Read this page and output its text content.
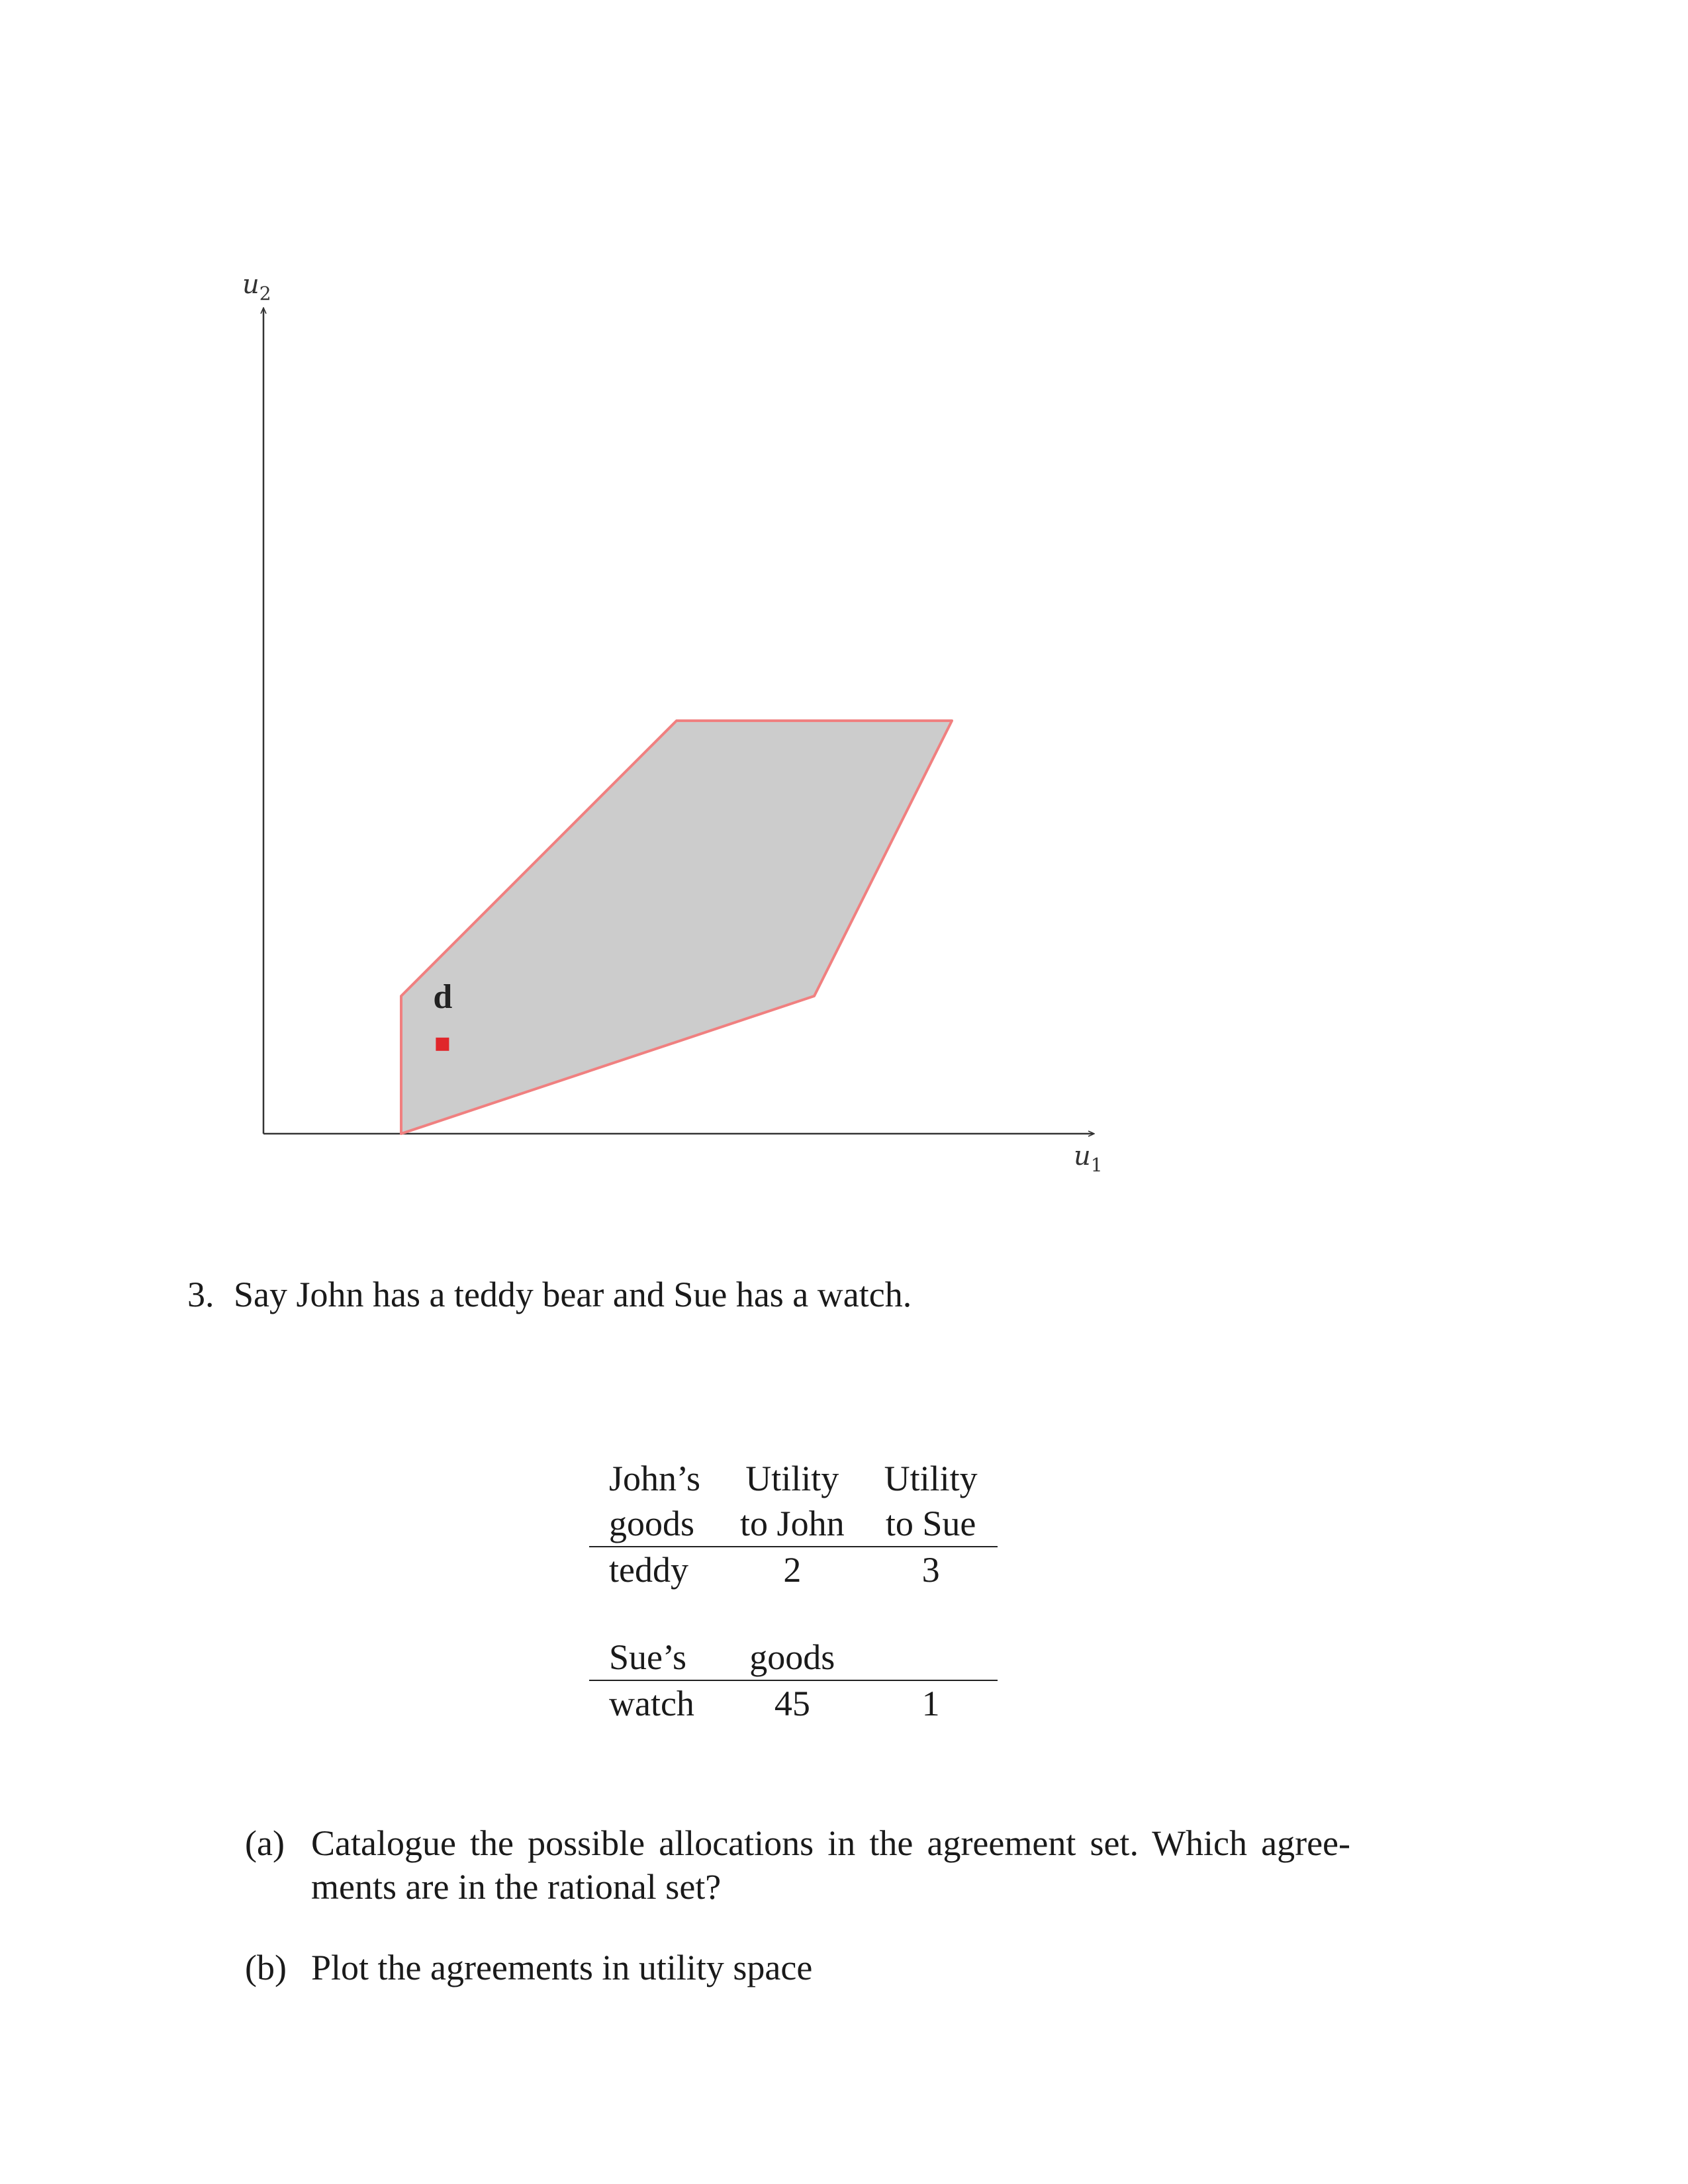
$u_2$
$u_1$
d
3. Say John has a teddy bear and Sue has a watch.
John’s	Utility	Utility
goods	to John	to Sue
teddy	2	3

Sue’s	goods	
watch	45	1
(a) Catalogue the possible allocations in the agreement set. Which agree- ments are in the rational set?
(b) Plot the agreements in utility space
